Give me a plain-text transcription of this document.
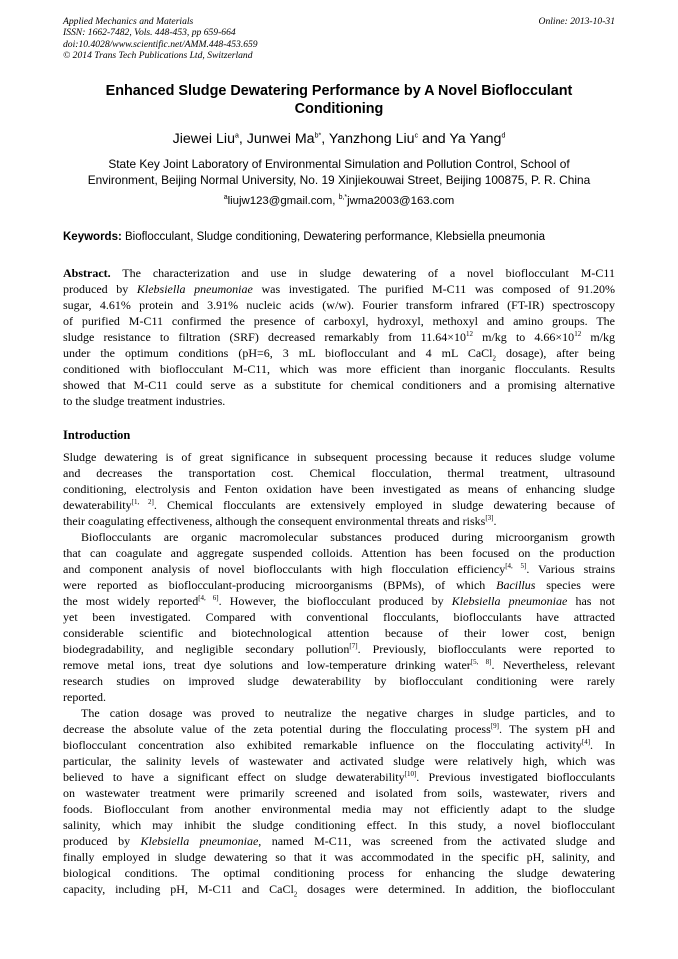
Applied Mechanics and Materials
ISSN: 1662-7482, Vols. 448-453, pp 659-664
doi:10.4028/www.scientific.net/AMM.448-453.659
© 2014 Trans Tech Publications Ltd, Switzerland
Online: 2013-10-31
Enhanced Sludge Dewatering Performance by A Novel Bioflocculant
Conditioning
Jiewei Liu$^a$, Junwei $Ma^{b*}$, Yanzhong Liu$^c$ and Ya Yang$^d$
State Key Joint Laboratory of Environmental Simulation and Pollution Control, School of
Environment, Beijing Normal University, No. 19 Xinjiekouwai Street, Beijing 100875, P. R. China
$^a$liujw123@gmail.com, $^{b,*}$jwma2003@163.com
Keywords: Bioflocculant, Sludge conditioning, Dewatering performance, Klebsiella pneumonia
Abstract. The characterization and use in sludge dewatering of a novel bioflocculant M-C11
produced by Klebsiella pneumoniae was investigated. The purified M-C11 was composed of 91.20%
sugar, 4.61% protein and 3.91% nucleic acids (w/w). Fourier transform infrared (FT-IR) spectroscopy
of purified M-C11 confirmed the presence of carboxyl, hydroxyl, methoxyl and amino groups. The
sludge resistance to filtration (SRF) decreased remarkably from $11.64\times 10^{12}$ m/kg to $4.66\times 10^{12}$ m/kg
under the optimum conditions (pH=6, 3 mL bioflocculant and 4 mL CaCl$_2$ dosage), after being
conditioned with bioflocculant M-C11, which was more efficient than inorganic flocculants. Results
showed that M-C11 could serve as a substitute for chemical conditioners and a promising alternative
to the sludge treatment industries.
Introduction
Sludge dewatering is of great significance in subsequent processing because it reduces sludge volume
and decreases the transportation cost. Chemical flocculation, thermal treatment, ultrasound
conditioning, electrolysis and Fenton oxidation have been investigated as means of enhancing sludge
dewaterability[1, 2]. Chemical flocculants are extensively employed in sludge dewatering because of
their coagulating effectiveness, although the consequent environmental threats and risks[3].
Bioflocculants are organic macromolecular substances produced during microorganism growth
that can coagulate and aggregate suspended colloids. Attention has been focused on the production
and component analysis of novel bioflocculants with high flocculation efficiency[4, 5]. Various strains
were reported as bioflocculant-producing microorganisms (BPMs), of which Bacillus species were
the most widely reported[4, 6]. However, the bioflocculant produced by Klebsiella pneumoniae has not
yet been investigated. Compared with conventional flocculants, bioflocculants have attracted
considerable scientific and biotechnological attention because of their lower cost, benign
biodegradability, and negligible secondary pollution[7]. Previously, bioflocculants were reported to
remove metal ions, treat dye solutions and low-temperature drinking water[5, 8]. Nevertheless, relevant
research studies on improved sludge dewaterability by bioflocculant conditioning were rarely
reported.
The cation dosage was proved to neutralize the negative charges in sludge particles, and to
decrease the absolute value of the zeta potential during the flocculating process[9]. The system pH and
bioflocculant concentration also exhibited remarkable influence on the flocculating activity[4]. In
particular, the salinity levels of wastewater and activated sludge were relatively high, which was
believed to have a significant effect on sludge dewaterability[10]. Previous investigated bioflocculants
on wastewater treatment were primarily screened and isolated from soils, wastewater, rivers and
foods. Bioflocculant from another environmental media may not efficiently adapt to the sludge
salinity, which may inhibit the sludge conditioning effect. In this study, a novel bioflocculant
produced by Klebsiella pneumoniae, named M-C11, was screened from the activated sludge and
finally employed in sludge dewatering so that it was accommodated in the specific pH, salinity, and
biological conditions. The optimal conditioning process for enhancing the sludge dewatering
capacity, including pH, M-C11 and CaCl$_2$ dosages were determined. In addition, the bioflocculant
